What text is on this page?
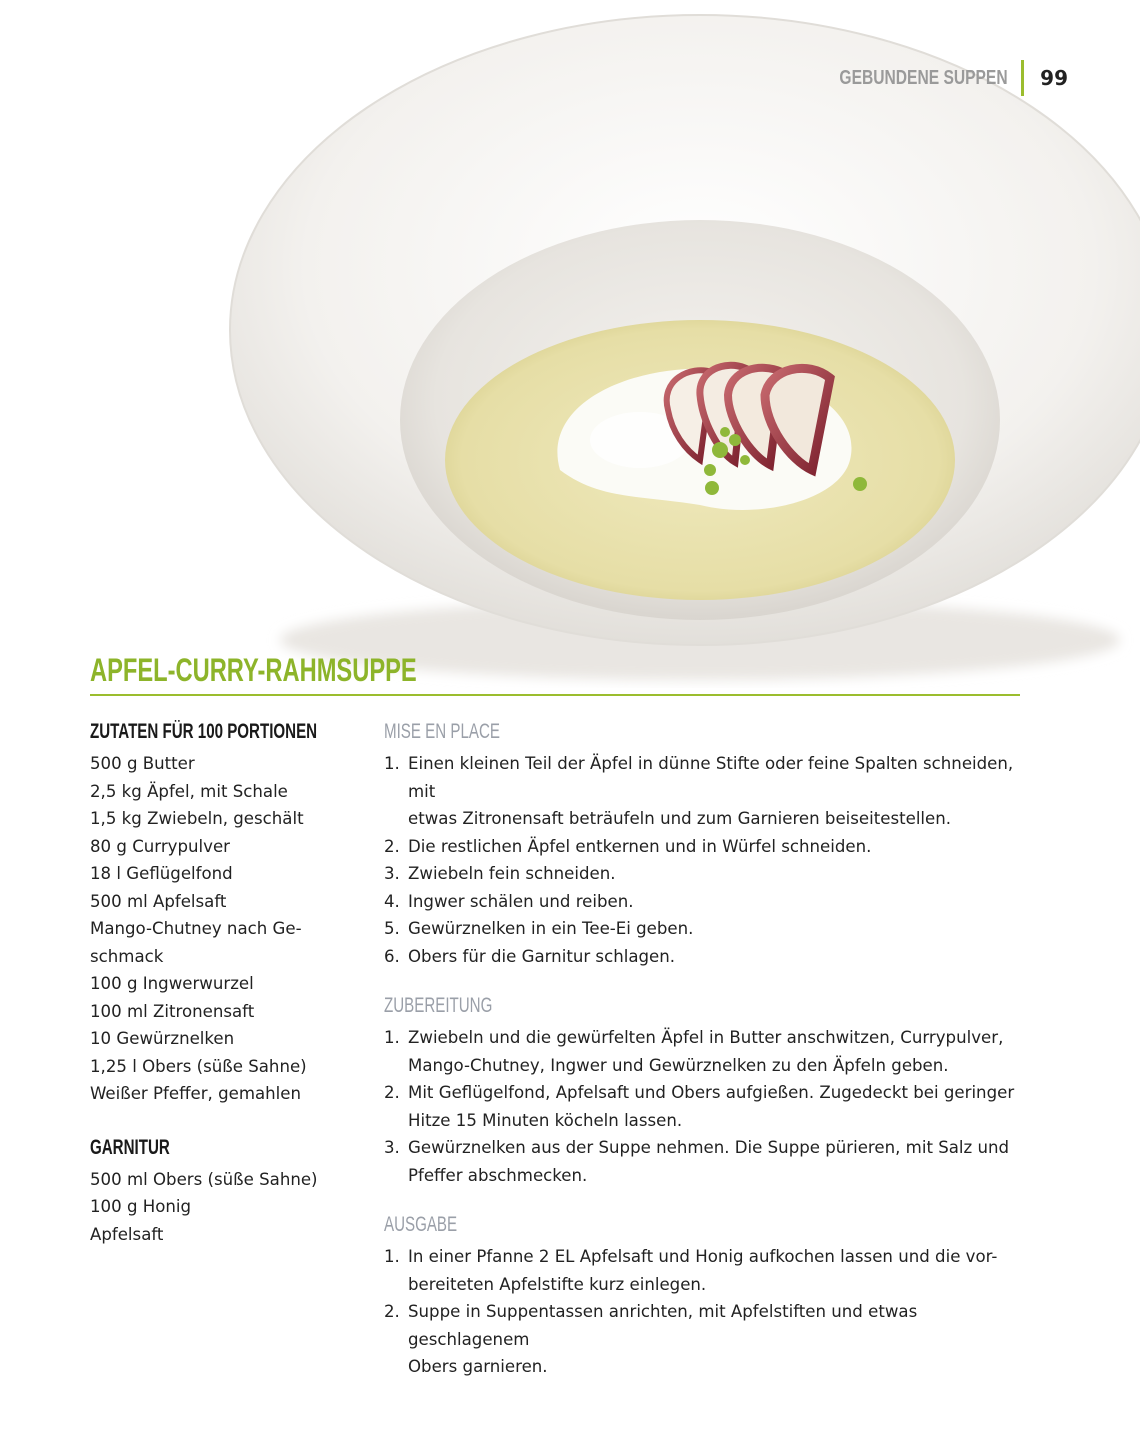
GEBUNDENE SUPPEN 99
APFEL-CURRY-RAHMSUPPE
ZUTATEN FÜR 100 PORTIONEN
500 g Butter
2,5 kg Äpfel, mit Schale
1,5 kg Zwiebeln, geschält
80 g Currypulver
18 l Geflügelfond
500 ml Apfelsaft
Mango-Chutney nach Ge-
schmack
100 g Ingwerwurzel
100 ml Zitronensaft
10 Gewürznelken
1,25 l Obers (süße Sahne)
Weißer Pfeffer, gemahlen
GARNITUR
500 ml Obers (süße Sahne)
100 g Honig
Apfelsaft
MISE EN PLACE
1. Einen kleinen Teil der Äpfel in dünne Stifte oder feine Spalten schneiden, mit
etwas Zitronensaft beträufeln und zum Garnieren beiseitestellen.
2. Die restlichen Äpfel entkernen und in Würfel schneiden.
3. Zwiebeln fein schneiden.
4. Ingwer schälen und reiben.
5. Gewürznelken in ein Tee-Ei geben.
6. Obers für die Garnitur schlagen.
ZUBEREITUNG
1. Zwiebeln und die gewürfelten Äpfel in Butter anschwitzen, Currypulver,
Mango-Chutney, Ingwer und Gewürznelken zu den Äpfeln geben.
2. Mit Geflügelfond, Apfelsaft und Obers aufgießen. Zugedeckt bei geringer
Hitze 15 Minuten köcheln lassen.
3. Gewürznelken aus der Suppe nehmen. Die Suppe pürieren, mit Salz und
Pfeffer abschmecken.
AUSGABE
1. In einer Pfanne 2 EL Apfelsaft und Honig aufkochen lassen und die vor-
bereiteten Apfelstifte kurz einlegen.
2. Suppe in Suppentassen anrichten, mit Apfelstiften und etwas geschlagenem
Obers garnieren.
